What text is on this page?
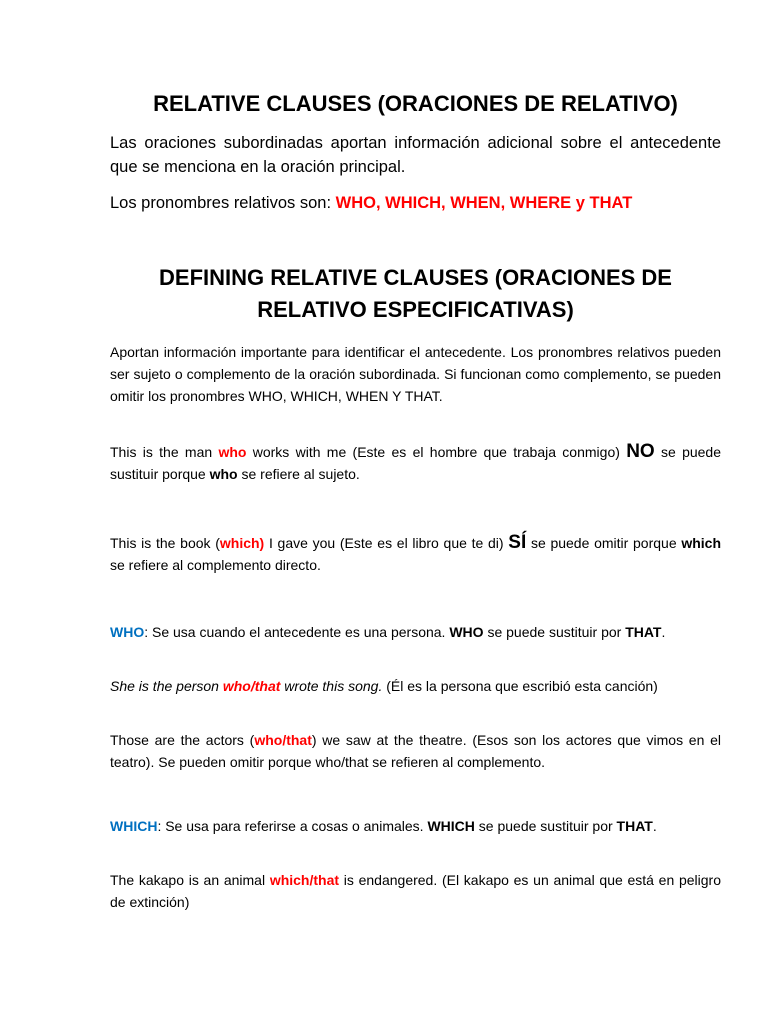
RELATIVE CLAUSES (ORACIONES DE RELATIVO)

Las oraciones subordinadas aportan información adicional sobre el antecedente que se menciona en la oración principal.

Los pronombres relativos son: WHO, WHICH, WHEN, WHERE y THAT

DEFINING RELATIVE CLAUSES (ORACIONES DE RELATIVO ESPECIFICATIVAS)

Aportan información importante para identificar el antecedente. Los pronombres relativos pueden ser sujeto o complemento de la oración subordinada. Si funcionan como complemento, se pueden omitir los pronombres WHO, WHICH, WHEN Y THAT.

This is the man who works with me (Este es el hombre que trabaja conmigo) NO se puede sustituir porque who se refiere al sujeto.

This is the book (which) I gave you (Este es el libro que te di) SÍ se puede omitir porque which se refiere al complemento directo.

WHO: Se usa cuando el antecedente es una persona. WHO se puede sustituir por THAT.

She is the person who/that wrote this song. (Él es la persona que escribió esta canción)

Those are the actors (who/that) we saw at the theatre. (Esos son los actores que vimos en el teatro). Se pueden omitir porque who/that se refieren al complemento.

WHICH: Se usa para referirse a cosas o animales. WHICH se puede sustituir por THAT.

The kakapo is an animal which/that is endangered. (El kakapo es un animal que está en peligro de extinción)
